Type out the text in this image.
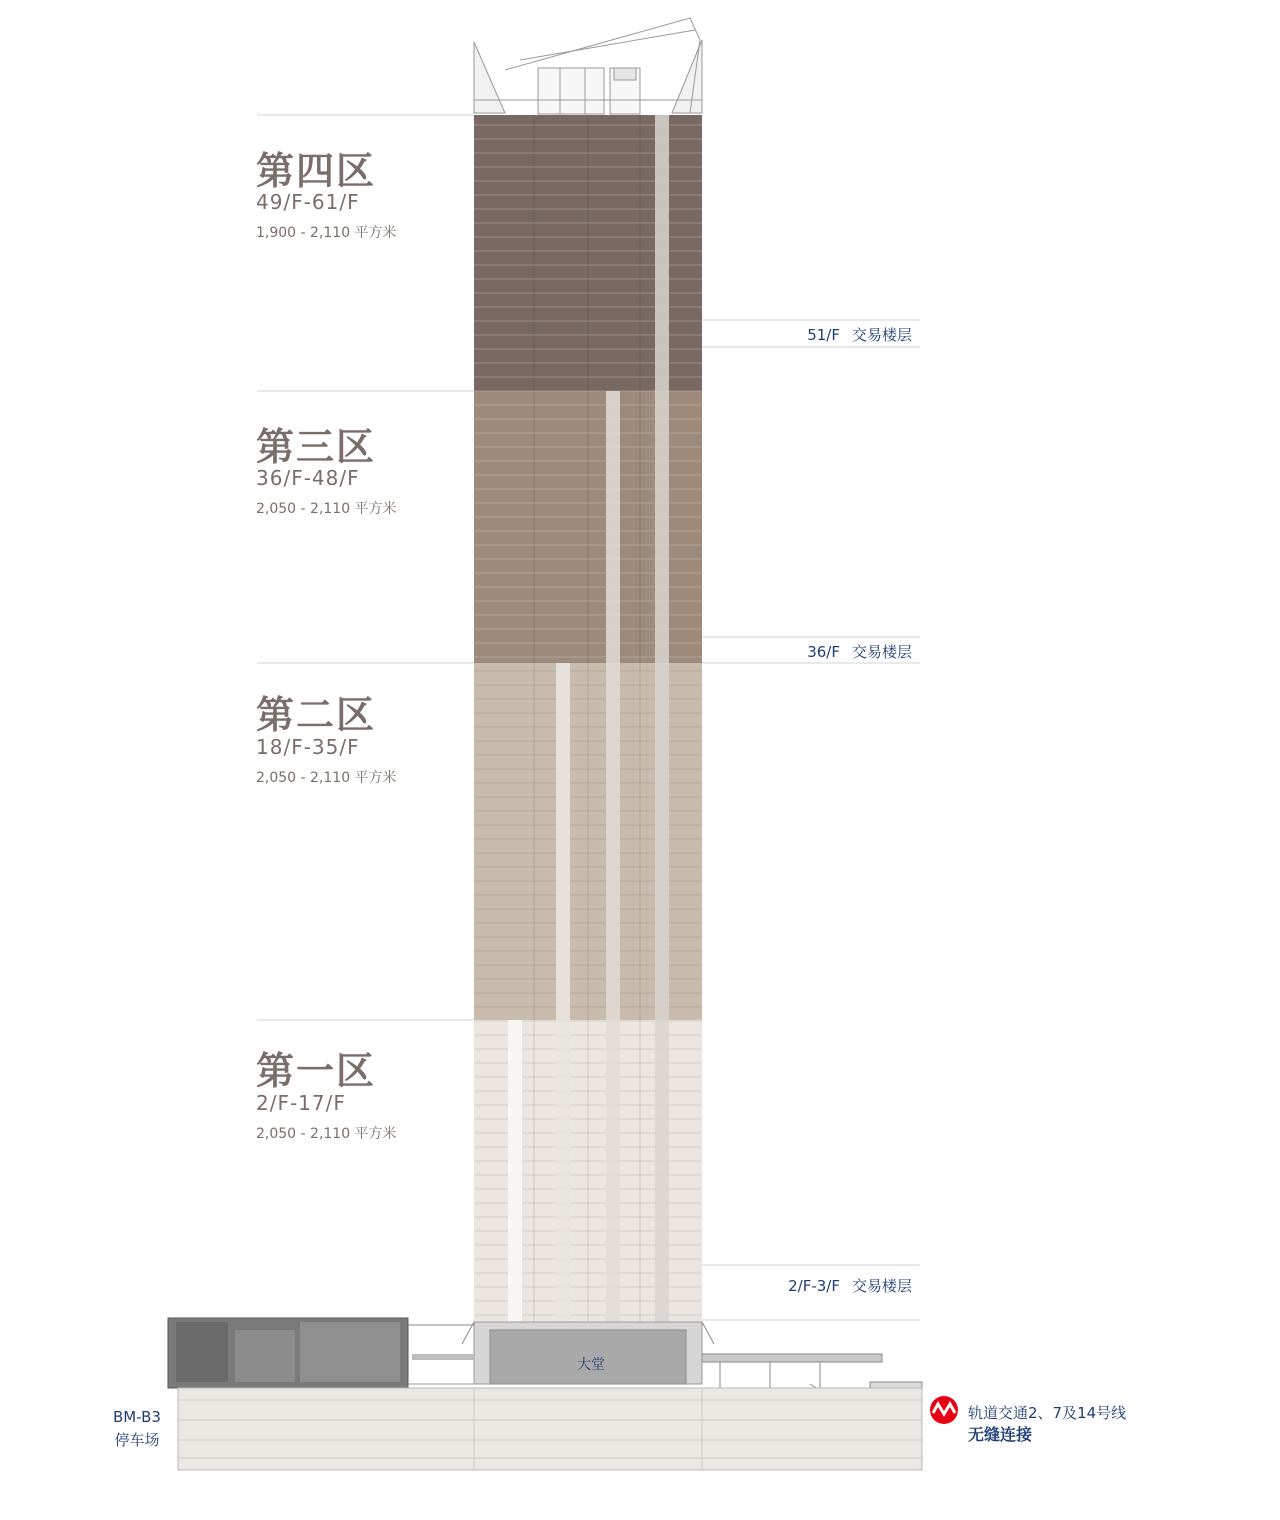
第四区
49/F-61/F
1,900 - 2,110 平方米
第三区
36/F-48/F
2,050 - 2,110 平方米
第二区
18/F-35/F
2,050 - 2,110 平方米
第一区
2/F-17/F
2,050 - 2,110 平方米
51/F 交易楼层
36/F 交易楼层
2/F-3/F 交易楼层
大堂
BM-B3
停车场
轨道交通2、7及14号线
无缝连接
